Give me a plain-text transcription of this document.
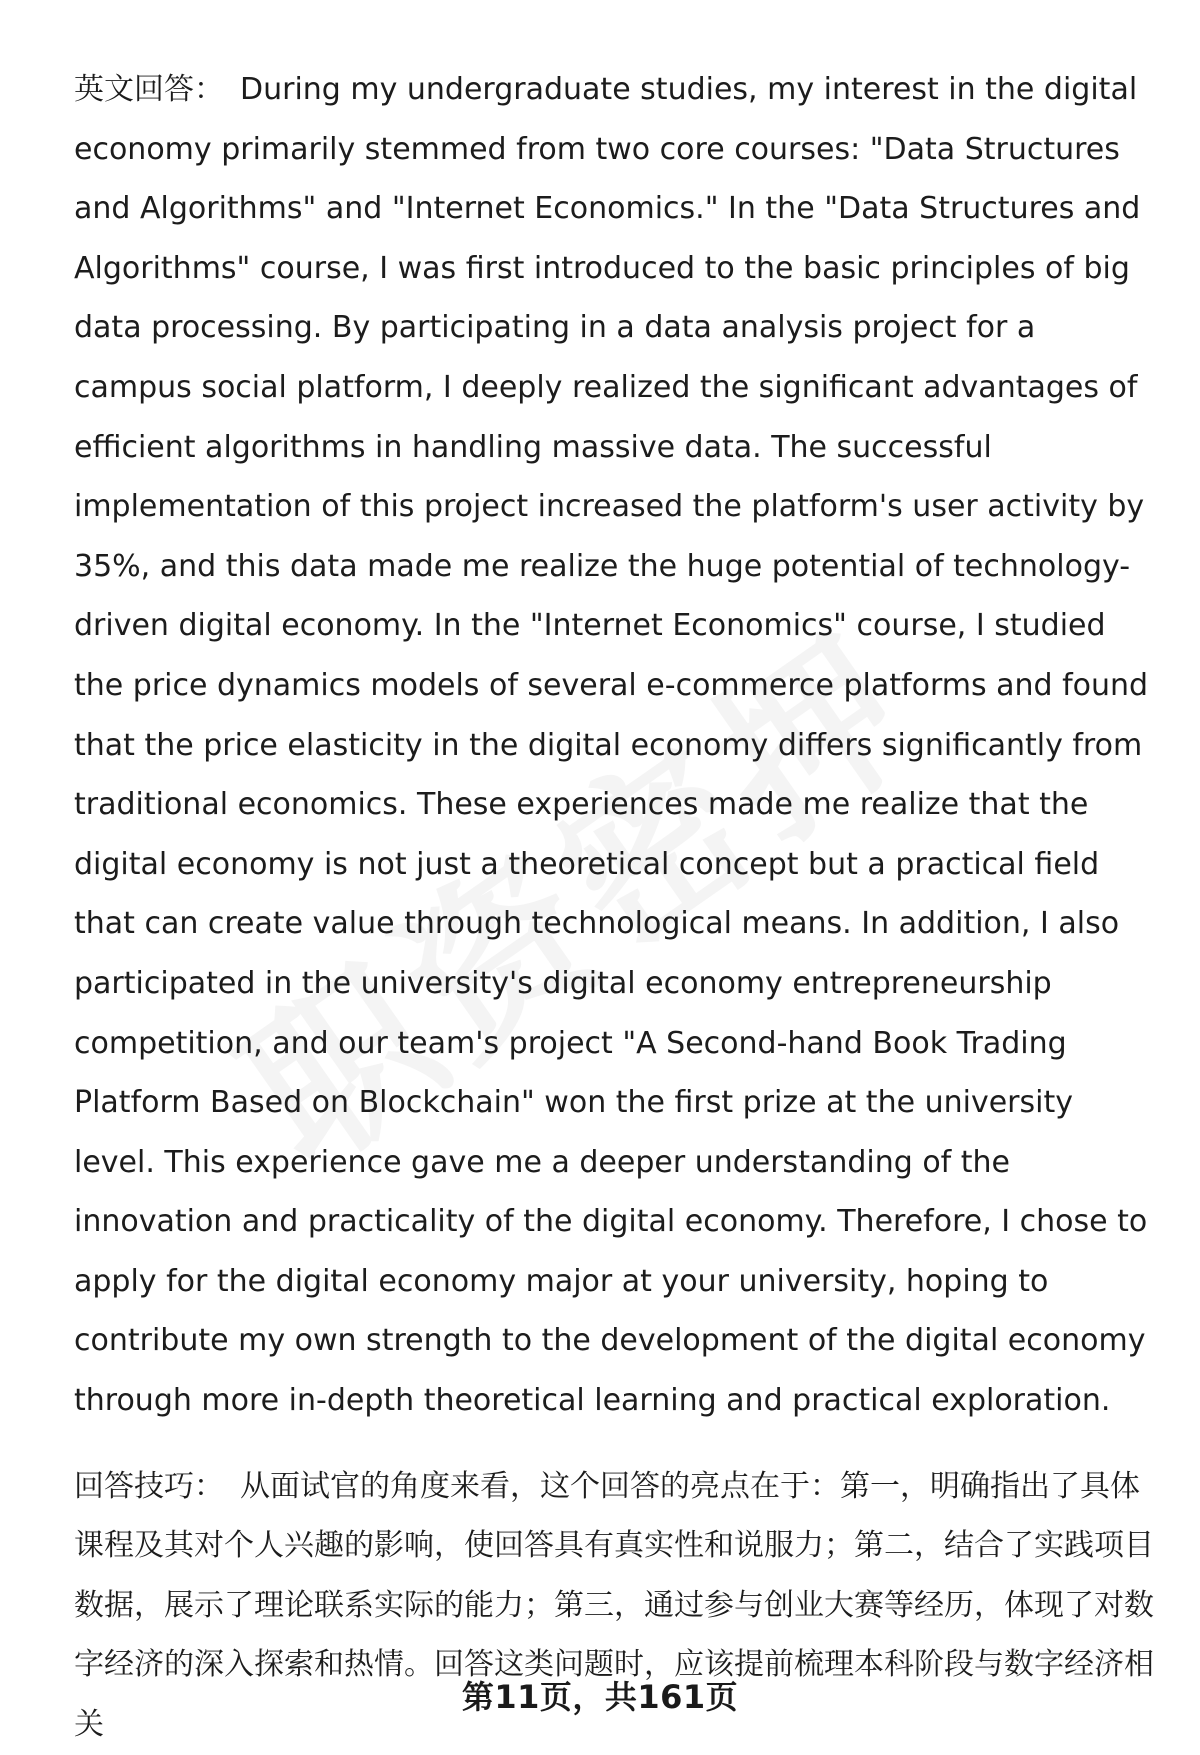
英文回答： During my undergraduate studies, my interest in the digital economy primarily stemmed from two core courses: "Data Structures and Algorithms" and "Internet Economics." In the "Data Structures and Algorithms" course, I was first introduced to the basic principles of big data processing. By participating in a data analysis project for a campus social platform, I deeply realized the significant advantages of efficient algorithms in handling massive data. The successful implementation of this project increased the platform's user activity by 35%, and this data made me realize the huge potential of technology-driven digital economy. In the "Internet Economics" course, I studied the price dynamics models of several e-commerce platforms and found that the price elasticity in the digital economy differs significantly from traditional economics. These experiences made me realize that the digital economy is not just a theoretical concept but a practical field that can create value through technological means. In addition, I also participated in the university's digital economy entrepreneurship competition, and our team's project "A Second-hand Book Trading Platform Based on Blockchain" won the first prize at the university level. This experience gave me a deeper understanding of the innovation and practicality of the digital economy. Therefore, I chose to apply for the digital economy major at your university, hoping to contribute my own strength to the development of the digital economy through more in-depth theoretical learning and practical exploration.

回答技巧： 从面试官的角度来看，这个回答的亮点在于：第一，明确指出了具体课程及其对个人兴趣的影响，使回答具有真实性和说服力；第二，结合了实践项目数据，展示了理论联系实际的能力；第三，通过参与创业大赛等经历，体现了对数字经济的深入探索和热情。回答这类问题时，应该提前梳理本科阶段与数字经济相关

第11页，共161页
